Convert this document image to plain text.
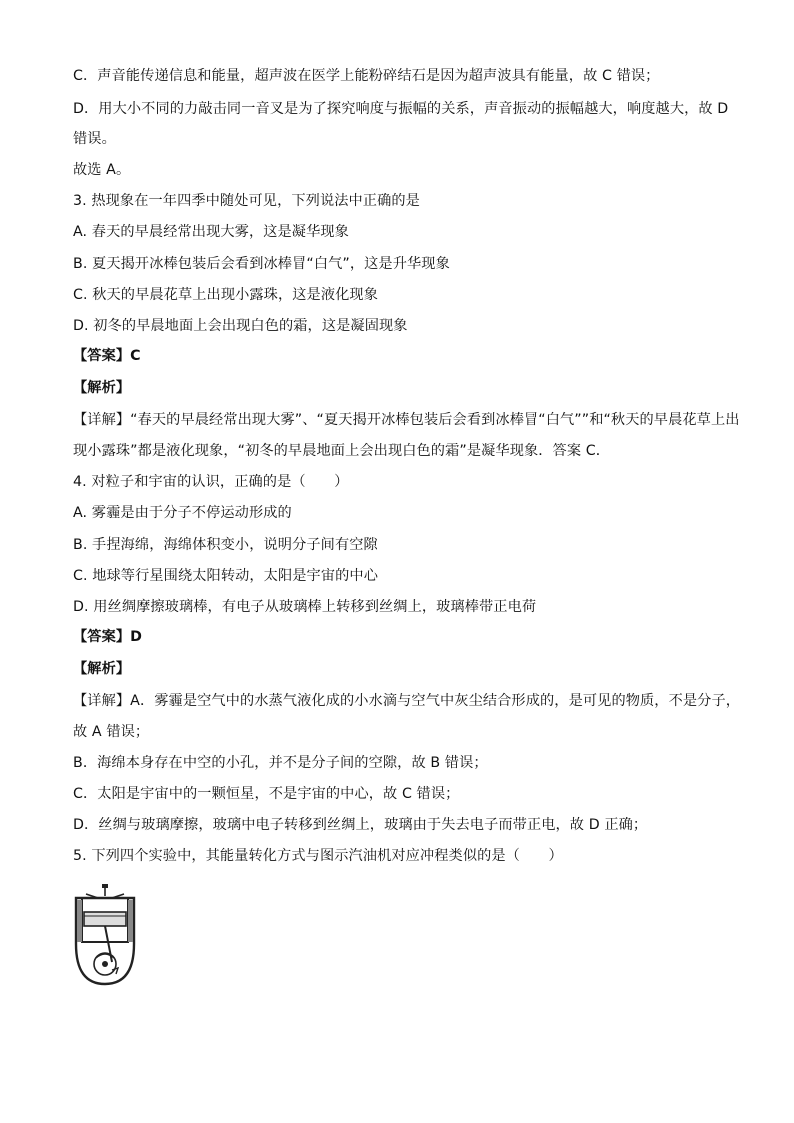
C．声音能传递信息和能量，超声波在医学上能粉碎结石是因为超声波具有能量，故 C 错误；
D．用大小不同的力敲击同一音叉是为了探究响度与振幅的关系，声音振动的振幅越大，响度越大，故 D
错误。
故选 A。
3. 热现象在一年四季中随处可见，下列说法中正确的是
A. 春天的早晨经常出现大雾，这是凝华现象
B. 夏天揭开冰棒包装后会看到冰棒冒“白气”，这是升华现象
C. 秋天的早晨花草上出现小露珠，这是液化现象
D. 初冬的早晨地面上会出现白色的霜，这是凝固现象
【答案】C
【解析】
【详解】“春天的早晨经常出现大雾”、“夏天揭开冰棒包装后会看到冰棒冒“白气””和“秋天的早晨花草上出
现小露珠”都是液化现象，“初冬的早晨地面上会出现白色的霜”是凝华现象．答案 C．
4. 对粒子和宇宙的认识，正确的是（　　）
A. 雾霾是由于分子不停运动形成的
B. 手捏海绵，海绵体积变小，说明分子间有空隙
C. 地球等行星围绕太阳转动，太阳是宇宙的中心
D. 用丝绸摩擦玻璃棒，有电子从玻璃棒上转移到丝绸上，玻璃棒带正电荷
【答案】D
【解析】
【详解】A．雾霾是空气中的水蒸气液化成的小水滴与空气中灰尘结合形成的，是可见的物质，不是分子，
故 A 错误；
B．海绵本身存在中空的小孔，并不是分子间的空隙，故 B 错误；
C．太阳是宇宙中的一颗恒星，不是宇宙的中心，故 C 错误；
D．丝绸与玻璃摩擦，玻璃中电子转移到丝绸上，玻璃由于失去电子而带正电，故 D 正确；
5. 下列四个实验中，其能量转化方式与图示汽油机对应冲程类似的是（　　）
